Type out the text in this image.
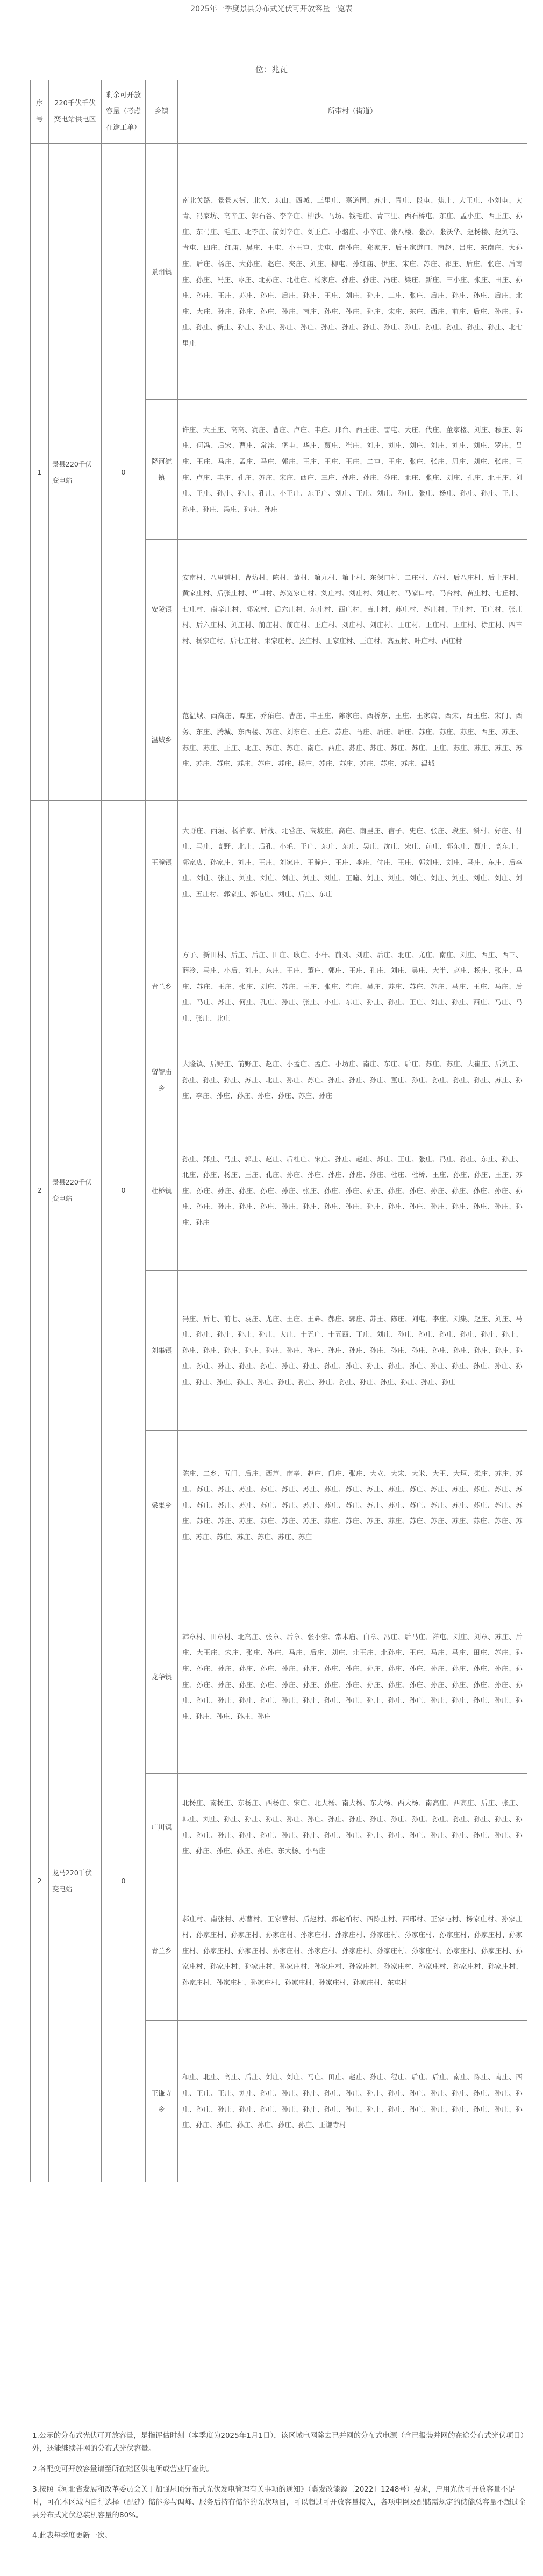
2025年一季度景县分布式光伏可开放容量一览表
位：兆瓦
序号	220千伏千伏变电站供电区	剩余可开放容量（考虑在途工单）	乡镇	所带村（街道）
1	景县220千伏变电站	0	景州镇	南北关路、景景大街、北关、东山、西城、三里庄、嘉道园、苏庄、青庄、段屯、焦庄、大王庄、小刘屯、大青、冯家坊、高辛庄、郭石谷、李辛庄、柳沙、马坊、钱毛庄、青三里、西石桥屯、东庄、孟小庄、西王庄、孙庄、东马庄、毛庄、北李庄、前刘辛庄、刘王庄、小骆庄、小辛庄、张八楼、张沙、张沃华、赵杨楼、赵刘屯、青屯、四庄、红庙、吴庄、王屯、小王屯、尖屯、南孙庄、郑家庄、后王家道口、南赵、吕庄、东南庄、大孙庄、后庄、杨庄、大孙庄、赵庄、夹庄、刘庄、柳屯、孙红庙、伊庄、宋庄、苏庄、祁庄、后庄、张庄、后南庄、孙庄、冯庄、枣庄、北孙庄、北杜庄、杨家庄、孙庄、孙庄、冯庄、梁庄、新庄、三小庄、张庄、田庄、孙庄、孙庄、王庄、苏庄、孙庄、后庄、孙庄、王庄、刘庄、孙庄、二庄、张庄、后庄、孙庄、孙庄、后庄、北庄、大庄、孙庄、孙庄、孙庄、孙庄、南庄、孙庄、孙庄、孙庄、宋庄、东庄、西庄、前庄、后庄、孙庄、孙庄、孙庄、新庄、孙庄、孙庄、孙庄、孙庄、孙庄、孙庄、孙庄、孙庄、孙庄、孙庄、孙庄、孙庄、孙庄、北七里庄
			降河流镇	许庄、大王庄、高高、赛庄、曹庄、卢庄、丰庄、邢台、西王庄、雷屯、大庄、代庄、董家楼、刘庄、穆庄、郭庄、何冯、后宋、曹庄、常洼、堡屯、华庄、贾庄、崔庄、刘庄、刘庄、刘庄、刘庄、刘庄、刘庄、罗庄、吕庄、王庄、马庄、孟庄、马庄、郭庄、王庄、王庄、王庄、二屯、王庄、张庄、张庄、周庄、刘庄、张庄、王庄、卢庄、丰庄、孔庄、苏庄、宋庄、西庄、三庄、孙庄、孙庄、孙庄、北庄、张庄、刘庄、孔庄、北王庄、刘庄、王庄、孙庄、孙庄、孔庄、小王庄、东王庄、刘庄、王庄、刘庄、孙庄、张庄、杨庄、孙庄、孙庄、王庄、孙庄、孙庄、冯庄、孙庄、孙庄
			安陵镇	安南村、八里铺村、曹坊村、陈村、董村、第九村、第十村、东保口村、二庄村、方村、后八庄村、后十庄村、黄家庄村、后张庄村、华口村、苏宽家庄村、刘庄村、刘庄村、刘庄村、马家口村、马台村、苗庄村、七丘村、七庄村、南辛庄村、郭家村、后六庄村、东庄村、西庄村、苗庄村、苏庄村、苏庄村、王庄村、王庄村、张庄村、后六庄村、刘庄村、前庄村、前庄村、王庄村、刘庄村、刘庄村、王庄村、王庄村、王庄村、徐庄村、四丰村、杨家庄村、后七庄村、朱家庄村、张庄村、王家庄村、王庄村、高五村、叶庄村、西庄村
			温城乡	范温城、西高庄、谭庄、乔佑庄、曹庄、丰王庄、陈家庄、西桥东、王庄、王家店、西宋、西王庄、宋门、西务、东庄、腾城、东西楼、苏庄、刘东庄、王庄、苏庄、马庄、后庄、后庄、苏庄、苏庄、苏庄、西庄、苏庄、苏庄、苏庄、王庄、北庄、苏庄、苏庄、南庄、西庄、苏庄、苏庄、苏庄、苏庄、王庄、苏庄、苏庄、苏庄、苏庄、苏庄、苏庄、苏庄、苏庄、苏庄、杨庄、苏庄、苏庄、苏庄、苏庄、苏庄、温城
2	景县220千伏变电站	0	王瞳镇	大野庄、西垣、杨泊家、后战、北营庄、高坡庄、高庄、南里庄、宿子、史庄、张庄、段庄、斜村、好庄、付庄、马庄、高野、北庄、后孔、小毛、王庄、东庄、东庄、吴庄、沈庄、宋庄、前庄、郭东庄、贾庄、高东庄、郭家店、孙家庄、刘庄、王庄、刘家庄、王瞳庄、王庄、李庄、付庄、王庄、郭刘庄、刘庄、马庄、东庄、后李庄、刘庄、张庄、刘庄、刘庄、刘庄、刘庄、刘庄、王瞳、刘庄、刘庄、刘庄、刘庄、刘庄、刘庄、刘庄、刘庄、五庄村、郭家庄、郭屯庄、刘庄、后庄、东庄
			青兰乡	方子、新田村、后庄、后庄、田庄、耿庄、小杆、前刘、刘庄、后庄、北庄、尤庄、南庄、刘庄、西庄、西三、薛冷、马庄、小后、刘庄、东庄、王庄、董庄、郭庄、王庄、孔庄、刘庄、吴庄、大半、赵庄、杨庄、张庄、马庄、苏庄、王庄、张庄、刘庄、苏庄、王庄、张庄、崔庄、吴庄、苏庄、苏庄、苏庄、马庄、王庄、马庄、后庄、马庄、苏庄、何庄、孔庄、孙庄、张庄、小庄、东庄、孙庄、孙庄、王庄、刘庄、孙庄、西庄、马庄、马庄、张庄、北庄
			留智庙乡	大隆镇、后野庄、前野庄、赵庄、小孟庄、孟庄、小坊庄、南庄、东庄、后庄、苏庄、苏庄、大崔庄、后刘庄、孙庄、孙庄、孙庄、苏庄、北庄、孙庄、苏庄、孙庄、孙庄、孙庄、董庄、孙庄、孙庄、孙庄、孙庄、苏庄、孙庄、李庄、孙庄、孙庄、孙庄、孙庄、苏庄、孙庄
			杜桥镇	孙庄、郑庄、马庄、郭庄、赵庄、后杜庄、宋庄、孙庄、赵庄、苏庄、王庄、张庄、冯庄、孙庄、东庄、孙庄、北庄、孙庄、杨庄、王庄、孔庄、孙庄、孙庄、孙庄、孙庄、孙庄、杜庄、杜桥、王庄、孙庄、孙庄、王庄、苏庄、孙庄、孙庄、孙庄、孙庄、孙庄、张庄、孙庄、孙庄、孙庄、孙庄、孙庄、孙庄、孙庄、孙庄、孙庄、孙庄、孙庄、孙庄、孙庄、孙庄、孙庄、孙庄、孙庄、孙庄、孙庄、孙庄、孙庄、孙庄、孙庄、孙庄、孙庄、孙庄、孙庄
			刘集镇	冯庄、后七、前七、袁庄、尤庄、王庄、王辉、郝庄、郭庄、苏王、陈庄、刘屯、李庄、刘集、赵庄、刘庄、马庄、孙庄、孙庄、孙庄、孙庄、大庄、十五庄、十五西、丁庄、刘庄、孙庄、孙庄、孙庄、孙庄、孙庄、孙庄、孙庄、孙庄、孙庄、孙庄、孙庄、孙庄、孙庄、孙庄、孙庄、孙庄、孙庄、孙庄、孙庄、孙庄、孙庄、孙庄、孙庄、孙庄、孙庄、孙庄、孙庄、孙庄、孙庄、孙庄、孙庄、孙庄、孙庄、孙庄、孙庄、孙庄、孙庄、孙庄、孙庄、孙庄、孙庄、孙庄、孙庄、孙庄、孙庄、孙庄、孙庄、孙庄、孙庄、孙庄、孙庄、孙庄
			梁集乡	陈庄、二乡、五门、后庄、西芦、南辛、赵庄、门庄、张庄、大立、大宋、大米、大王、大垣、柴庄、苏庄、苏庄、苏庄、苏庄、苏庄、苏庄、苏庄、苏庄、苏庄、苏庄、苏庄、苏庄、苏庄、苏庄、苏庄、苏庄、苏庄、苏庄、苏庄、苏庄、苏庄、苏庄、苏庄、苏庄、苏庄、苏庄、苏庄、苏庄、苏庄、苏庄、苏庄、苏庄、苏庄、苏庄、苏庄、苏庄、苏庄、苏庄、苏庄、苏庄、苏庄、苏庄、苏庄、苏庄、苏庄、苏庄、苏庄、苏庄、苏庄、苏庄、苏庄、苏庄、苏庄、苏庄、苏庄、苏庄
2	龙马220千伏变电站	0	龙华镇	韩章村、田章村、北高庄、张章、后章、张小宏、常木庙、白章、冯庄、后马庄、祥屯、刘庄、刘章、苏庄、后庄、大王庄、宋庄、张庄、孙庄、马庄、后庄、刘庄、北王庄、北孙庄、王庄、马庄、马庄、田庄、苏庄、孙庄、孙庄、孙庄、孙庄、孙庄、孙庄、孙庄、孙庄、孙庄、孙庄、孙庄、孙庄、孙庄、孙庄、孙庄、孙庄、孙庄、孙庄、孙庄、孙庄、孙庄、孙庄、孙庄、孙庄、孙庄、孙庄、孙庄、孙庄、孙庄、孙庄、孙庄、孙庄、孙庄、孙庄、孙庄、孙庄、孙庄、孙庄、孙庄、孙庄、孙庄、孙庄、孙庄、孙庄、孙庄、孙庄、孙庄、孙庄、孙庄、孙庄、孙庄、孙庄、孙庄
			广川镇	北杨庄、南杨庄、东杨庄、西杨庄、宋庄、北大杨、南大杨、东大杨、西大杨、南高庄、西高庄、后庄、张庄、韩庄、刘庄、孙庄、孙庄、孙庄、孙庄、孙庄、孙庄、孙庄、孙庄、孙庄、孙庄、孙庄、孙庄、孙庄、孙庄、孙庄、孙庄、孙庄、孙庄、孙庄、孙庄、孙庄、孙庄、孙庄、孙庄、孙庄、孙庄、孙庄、孙庄、孙庄、孙庄、孙庄、孙庄、孙庄、孙庄、孙庄、东大杨、小马庄
			青兰乡	郝庄村、南张村、苏曹村、王家营村、后赵村、郭赵柏村、西陈庄村、西邢村、王家屯村、杨家庄村、孙家庄村、孙家庄村、孙家庄村、孙家庄村、孙家庄村、孙家庄村、孙家庄村、孙家庄村、孙家庄村、孙家庄村、孙家庄村、孙家庄村、孙家庄村、孙家庄村、孙家庄村、孙家庄村、孙家庄村、孙家庄村、孙家庄村、孙家庄村、孙家庄村、孙家庄村、孙家庄村、孙家庄村、孙家庄村、孙家庄村、孙家庄村、孙家庄村、孙家庄村、孙家庄村、孙家庄村、孙家庄村、孙家庄村、孙家庄村、孙家庄村、孙家庄村、东屯村
			王谦寺乡	和庄、北庄、高庄、后庄、刘庄、刘庄、马庄、田庄、赵庄、孙庄、程庄、后庄、后庄、南庄、陈庄、南庄、西庄、王庄、王庄、刘庄、孙庄、孙庄、孙庄、孙庄、孙庄、孙庄、孙庄、孙庄、孙庄、孙庄、孙庄、孙庄、孙庄、孙庄、孙庄、孙庄、孙庄、孙庄、孙庄、孙庄、孙庄、孙庄、孙庄、孙庄、孙庄、孙庄、孙庄、孙庄、孙庄、孙庄、孙庄、孙庄、孙庄、孙庄、孙庄、王谦寺村

1.公示的分布式光伏可开放容量，是指评估时刻（本季度为2025年1月1日），该区域电网除去已并网的分布式电源（含已报装并网的在途分布式光伏项目）外，还能继续并网的分布式光伏容量。

2.各配变可开放容量请至所在辖区供电所或营业厅查询。

3.按照《河北省发展和改革委员会关于加强屋顶分布式光伏发电管理有关事项的通知》（冀发改能源〔2022〕1248号）要求，户用光伏可开放容量不足时，可在本区域内自行选择（配建）储能参与调峰、服务后持有储能的光伏项目，可以超过可开放容量接入，各项电网及配储需规定的储能总容量不超过全县分布式光伏总装机容量的80%。

4.此表每季度更新一次。
